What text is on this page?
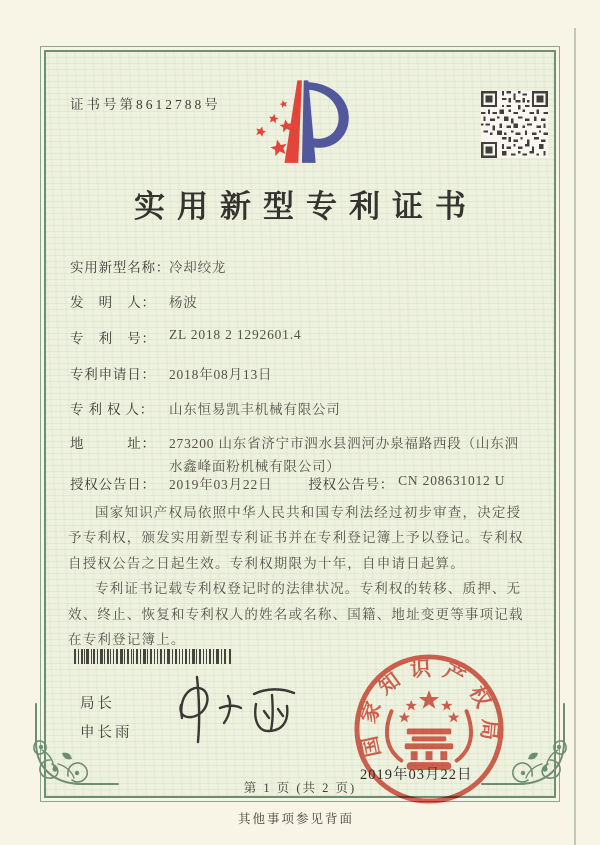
证书号第8612788号
实用新型专利证书
实用新型名称：
冷却绞龙
发　明　人： 杨波
专　利　号： ZL 2018 2 1292601.4
专利申请日： 2018年08月13日
专 利 权 人：	山东恒易凯丰机械有限公司
地　　　址： 273200 山东省济宁市泗水县泗河办泉福路西段（山东泗水鑫峰面粉机械有限公司）
授权公告日： 2019年03月22日	授权公告号： CN 208631012 U

国家知识产权局依照中华人民共和国专利法经过初步审查，决定授予专利权，颁发实用新型专利证书并在专利登记簿上予以登记。专利权自授权公告之日起生效。专利权期限为十年，自申请日起算。

专利证书记载专利权登记时的法律状况。专利权的转移、质押、无效、终止、恢复和专利权人的姓名或名称、国籍、地址变更等事项记载在专利登记簿上。

局长
申长雨	国家知识产权局
2019年03月22日
第 1 页 (共 2 页)
其他事项参见背面
